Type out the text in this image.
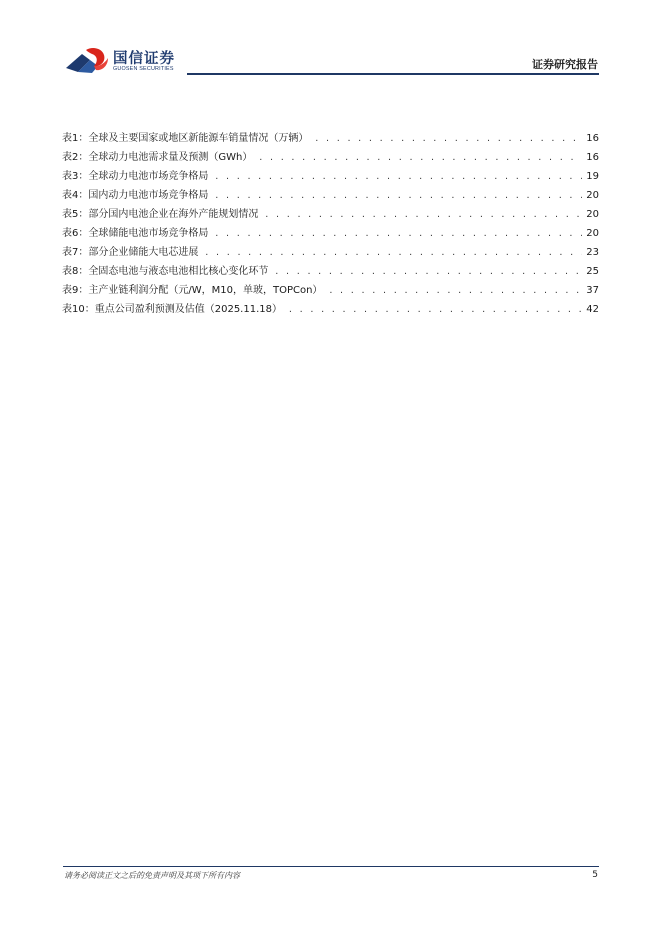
国信证券
GUOSEN SECURITIES	证券研究报告
表1： 全球及主要国家或地区新能源车销量情况（万辆） . . .	16
表2： 全球动力电池需求量及预测（GWh） . . .	16
表3： 全球动力电池市场竞争格局 . . .	19
表4： 国内动力电池市场竞争格局 . . .	20
表5： 部分国内电池企业在海外产能规划情况 . . .	20
表6： 全球储能电池市场竞争格局 . . .	20
表7： 部分企业储能大电芯进展 . . .	23
表8： 全固态电池与液态电池相比核心变化环节 . . .	25
表9： 主产业链利润分配（元/W，M10，单玻，TOPCon） . . .	37
表10： 重点公司盈利预测及估值（2025.11.18） . . .	42
请务必阅读正文之后的免责声明及其项下所有内容	5
